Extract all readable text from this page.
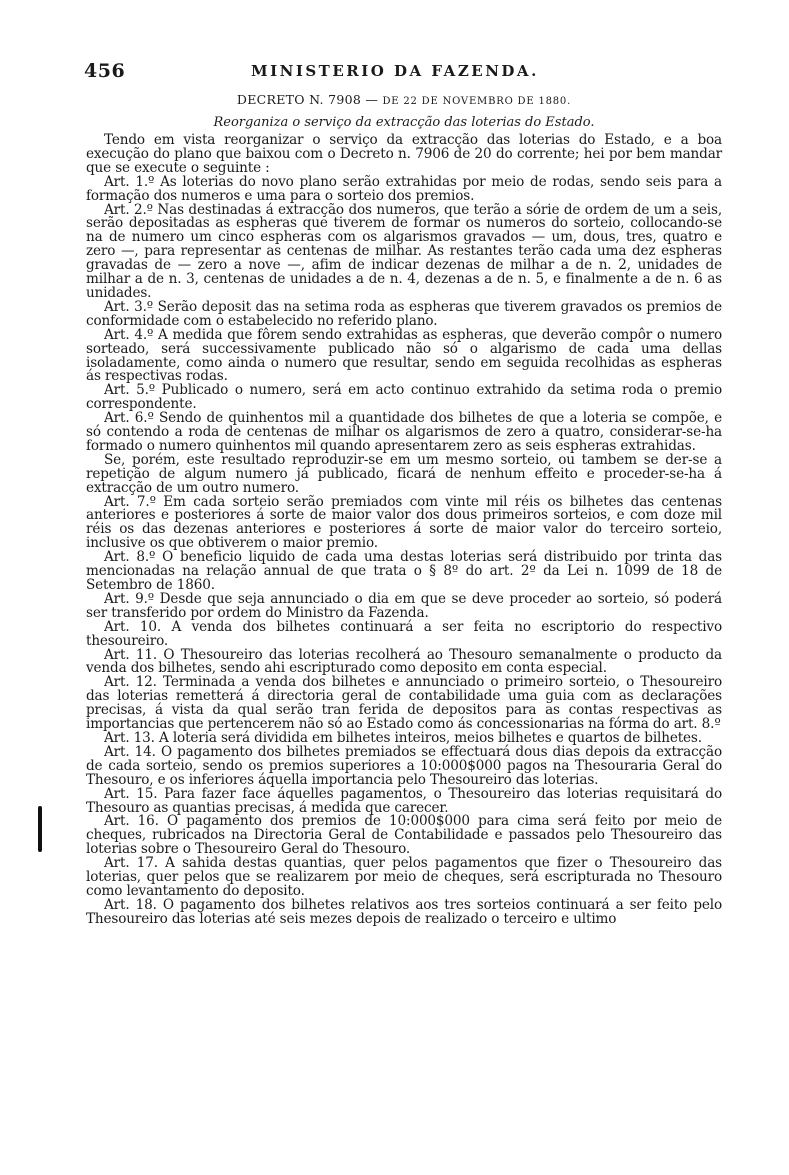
456	MINISTERIO DA FAZENDA.
DECRETO N. 7908 — DE 22 DE NOVEMBRO DE 1880.
Reorganiza o serviço da extracção das loterias do Estado.

Tendo em vista reorganizar o serviço da extracção das loterias do Estado, e a boa execução do plano que baixou com o Decreto n. 7906 de 20 do corrente; hei por bem mandar que se execute o seguinte :

Art. 1.º As loterias do novo plano serão extrahidas por meio de rodas, sendo seis para a formação dos numeros e uma para o sorteio dos premios.

Art. 2.º Nas destinadas á extracção dos numeros, que terão a sórie de ordem de um a seis, serão depositadas as espheras que tiverem de formar os numeros do sorteio, collocando-se na de numero um cinco espheras com os algarismos gravados — um, dous, tres, quatro e zero —, para representar as centenas de milhar. As restantes terão cada uma dez espheras gravadas de — zero a nove —, afim de indicar dezenas de milhar a de n. 2, unidades de milhar a de n. 3, centenas de unidades a de n. 4, dezenas a de n. 5, e finalmente a de n. 6 as unidades.

Art. 3.º Serão deposit das na setima roda as espheras que tiverem gravados os premios de conformidade com o estabelecido no referido plano.

Art. 4.º A medida que fôrem sendo extrahidas as espheras, que deverão compôr o numero sorteado, será successivamente publicado não só o algarismo de cada uma dellas isoladamente, como ainda o numero que resultar, sendo em seguida recolhidas as espheras ás respectivas rodas.

Art. 5.º Publicado o numero, será em acto continuo extrahido da setima roda o premio correspondente.

Art. 6.º Sendo de quinhentos mil a quantidade dos bilhetes de que a loteria se compõe, e só contendo a roda de centenas de milhar os algarismos de zero a quatro, considerar-se-ha formado o numero quinhentos mil quando apresentarem zero as seis espheras extrahidas.

Se, porém, este resultado reproduzir-se em um mesmo sorteio, ou tambem se der-se a repetição de algum numero já publicado, ficará de nenhum effeito e proceder-se-ha á extracção de um outro numero.

Art. 7.º Em cada sorteio serão premiados com vinte mil réis os bilhetes das centenas anteriores e posteriores á sorte de maior valor dos dous primeiros sorteios, e com doze mil réis os das dezenas anteriores e posteriores á sorte de maior valor do terceiro sorteio, inclusive os que obtiverem o maior premio.

Art. 8.º O beneficio liquido de cada uma destas loterias será distribuido por trinta das mencionadas na relação annual de que trata o § 8º do art. 2º da Lei n. 1099 de 18 de Setembro de 1860.

Art. 9.º Desde que seja annunciado o dia em que se deve proceder ao sorteio, só poderá ser transferido por ordem do Ministro da Fazenda.

Art. 10. A venda dos bilhetes continuará a ser feita no escriptorio do respectivo thesoureiro.

Art. 11. O Thesoureiro das loterias recolherá ao Thesouro semanalmente o producto da venda dos bilhetes, sendo ahi escripturado como deposito em conta especial.

Art. 12. Terminada a venda dos bilhetes e annunciado o primeiro sorteio, o Thesoureiro das loterias remetterá á directoria geral de contabilidade uma guia com as declarações precisas, á vista da qual serão tran ferida de depositos para as contas respectivas as importancias que pertencerem não só ao Estado como ás concessionarias na fórma do art. 8.º

Art. 13. A loteria será dividida em bilhetes inteiros, meios bilhetes e quartos de bilhetes.

Art. 14. O pagamento dos bilhetes premiados se effectuará dous dias depois da extracção de cada sorteio, sendo os premios superiores a 10:000$000 pagos na Thesouraria Geral do Thesouro, e os inferiores áquella importancia pelo Thesoureiro das loterias.

Art. 15. Para fazer face áquelles pagamentos, o Thesoureiro das loterias requisitará do Thesouro as quantias precisas, á medida que carecer.

Art. 16. O pagamento dos premios de 10:000$000 para cima será feito por meio de cheques, rubricados na Directoria Geral de Contabilidade e passados pelo Thesoureiro das loterias sobre o Thesoureiro Geral do Thesouro.

Art. 17. A sahida destas quantias, quer pelos pagamentos que fizer o Thesoureiro das loterias, quer pelos que se realizarem por meio de cheques, será escripturada no Thesouro como levantamento do deposito.

Art. 18. O pagamento dos bilhetes relativos aos tres sorteios continuará a ser feito pelo Thesoureiro das loterias até seis mezes depois de realizado o terceiro e ultimo
